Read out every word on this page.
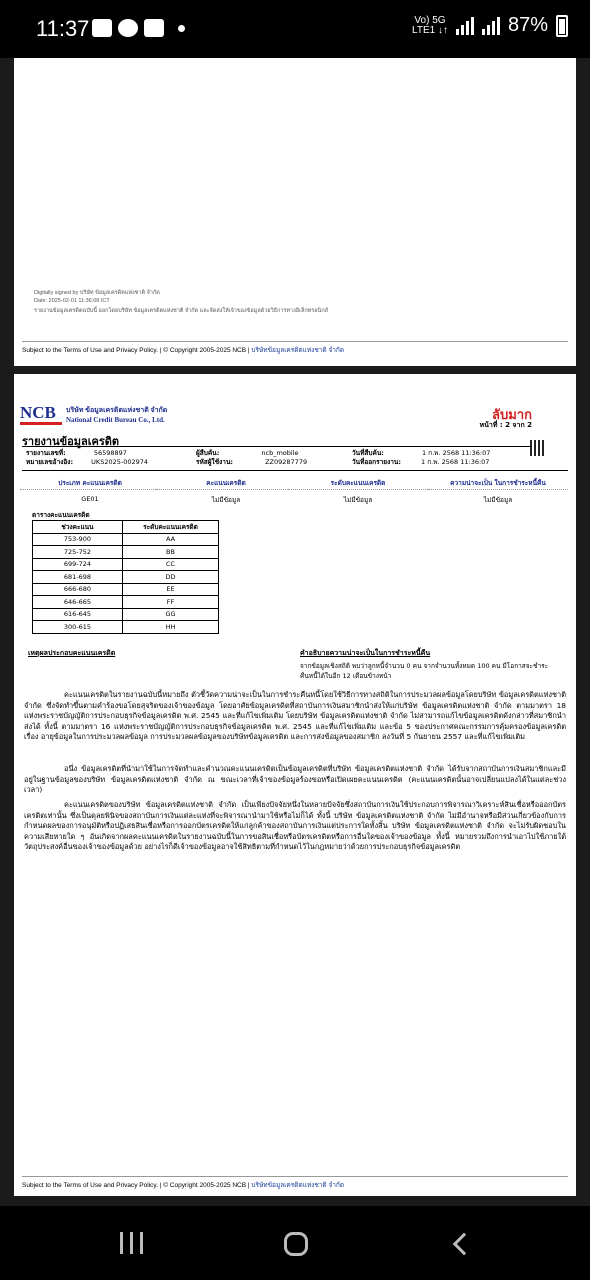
11:37	Vo) 5G
LTE1 ↓↑	87%
Digitally signed by บริษัท ข้อมูลเครดิตแห่งชาติ จำกัด
Date: 2025-02-01 11:36:08 ICT
รายงานข้อมูลเครดิตฉบับนี้ ออกโดยบริษัท ข้อมูลเครดิตแห่งชาติ จำกัด และจัดส่งให้เจ้าของข้อมูลด้วยวิธีการทางอิเล็กทรอนิกส์
Subject to the Terms of Use and Privacy Policy. | © Copyright 2005-2025 NCB | บริษัทข้อมูลเครดิตแห่งชาติ จำกัด
NCB	บริษัท ข้อมูลเครดิตแห่งชาติ จำกัด
National Credit Bureau Co., Ltd.	ลับมาก
หน้าที่ : 2 จาก 2
รายงานข้อมูลเครดิต
รายงานเลขที่:	56598897
หมายเลขอ้างอิง:	UKS2025-002974
ผู้สืบค้น:	ncb_mobile
รหัสผู้ใช้งาน:	ZZ09287779
วันที่สืบค้น:	1 ก.พ. 2568 11:36:07
วันที่ออกรายงาน:	1 ก.พ. 2568 11:36:07
ประเภท คะแนนเครดิต
GE01
คะแนนเครดิต
ไม่มีข้อมูล
ระดับคะแนนเครดิต
ไม่มีข้อมูล
ความน่าจะเป็น ในการชำระหนี้คืน
ไม่มีข้อมูล
ตารางคะแนนเครดิต
ช่วงคะแนน	ระดับคะแนนเครดิต
753-900	AA
725-752	BB
699-724	CC
681-698	DD
666-680	EE
646-665	FF
616-645	GG
300-615	HH
เหตุผลประกอบคะแนนเครดิต	คำอธิบายความน่าจะเป็นในการชำระหนี้คืน
จากข้อมูลเชิงสถิติ พบว่าลูกหนี้จำนวน 0 คน จากจำนวนทั้งหมด 100 คน มีโอกาสจะชำระคืนหนี้ได้ในอีก 12 เดือนข้างหน้า
คะแนนเครดิตในรายงานฉบับนี้หมายถึง ตัวชี้วัดความน่าจะเป็นในการชำระคืนหนี้โดยใช้วิธีการทางสถิติในการประมวลผลข้อมูลโดยบริษัท ข้อมูลเครดิตแห่งชาติ จำกัด ซึ่งจัดทำขึ้นตามคำร้องขอโดยสุจริตของเจ้าของข้อมูล โดยอาศัยข้อมูลเครดิตที่สถาบันการเงินสมาชิกนำส่งให้แก่บริษัท ข้อมูลเครดิตแห่งชาติ จำกัด ตามมาตรา 18 แห่งพระราชบัญญัติการประกอบธุรกิจข้อมูลเครดิต พ.ศ. 2545 และที่แก้ไขเพิ่มเติม โดยบริษัท ข้อมูลเครดิตแห่งชาติ จำกัด ไม่สามารถแก้ไขข้อมูลเครดิตดังกล่าวที่สมาชิกนำส่งได้ ทั้งนี้ ตามมาตรา 16 แห่งพระราชบัญญัติการประกอบธุรกิจข้อมูลเครดิต พ.ศ. 2545 และที่แก้ไขเพิ่มเติม และข้อ 5 ของประกาศคณะกรรมการคุ้มครองข้อมูลเครดิต เรื่อง อายุข้อมูลในการประมวลผลข้อมูล การประมวลผลข้อมูลของบริษัทข้อมูลเครดิต และการส่งข้อมูลของสมาชิก ลงวันที่ 5 กันยายน 2557 และที่แก้ไขเพิ่มเติม
อนึ่ง ข้อมูลเครดิตที่นำมาใช้ในการจัดทำและคำนวณคะแนนเครดิตเป็นข้อมูลเครดิตที่บริษัท ข้อมูลเครดิตแห่งชาติ จำกัด ได้รับจากสถาบันการเงินสมาชิกและมีอยู่ในฐานข้อมูลของบริษัท ข้อมูลเครดิตแห่งชาติ จำกัด ณ ขณะเวลาที่เจ้าของข้อมูลร้องขอหรือเปิดเผยคะแนนเครดิต (คะแนนเครดิตนั้นอาจเปลี่ยนแปลงได้ในแต่ละช่วงเวลา)
คะแนนเครดิตของบริษัท ข้อมูลเครดิตแห่งชาติ จำกัด เป็นเพียงปัจจัยหนึ่งในหลายปัจจัยซึ่งสถาบันการเงินใช้ประกอบการพิจารณาวิเคราะห์สินเชื่อหรือออกบัตรเครดิตเท่านั้น ซึ่งเป็นดุลยพินิจของสถาบันการเงินแต่ละแห่งที่จะพิจารณานำมาใช้หรือไม่ก็ได้ ทั้งนี้ บริษัท ข้อมูลเครดิตแห่งชาติ จำกัด ไม่มีอำนาจหรือมีส่วนเกี่ยวข้องกับการกำหนดผลของการอนุมัติหรือปฏิเสธสินเชื่อหรือการออกบัตรเครดิตให้แก่ลูกค้าของสถาบันการเงินแต่ประการใดทั้งสิ้น บริษัท ข้อมูลเครดิตแห่งชาติ จำกัด จะไม่รับผิดชอบในความเสียหายใด ๆ อันเกิดจากผลคะแนนเครดิตในรายงานฉบับนี้ในการขอสินเชื่อหรือบัตรเครดิตหรือการอื่นใดของเจ้าของข้อมูล ทั้งนี้ หมายรวมถึงการนำเอาไปใช้ภายใต้วัตถุประสงค์อื่นของเจ้าของข้อมูลด้วย อย่างไรก็ดีเจ้าของข้อมูลอาจใช้สิทธิตามที่กำหนดไว้ในกฎหมายว่าด้วยการประกอบธุรกิจข้อมูลเครดิต
Subject to the Terms of Use and Privacy Policy. | © Copyright 2005-2025 NCB | บริษัทข้อมูลเครดิตแห่งชาติ จำกัด
